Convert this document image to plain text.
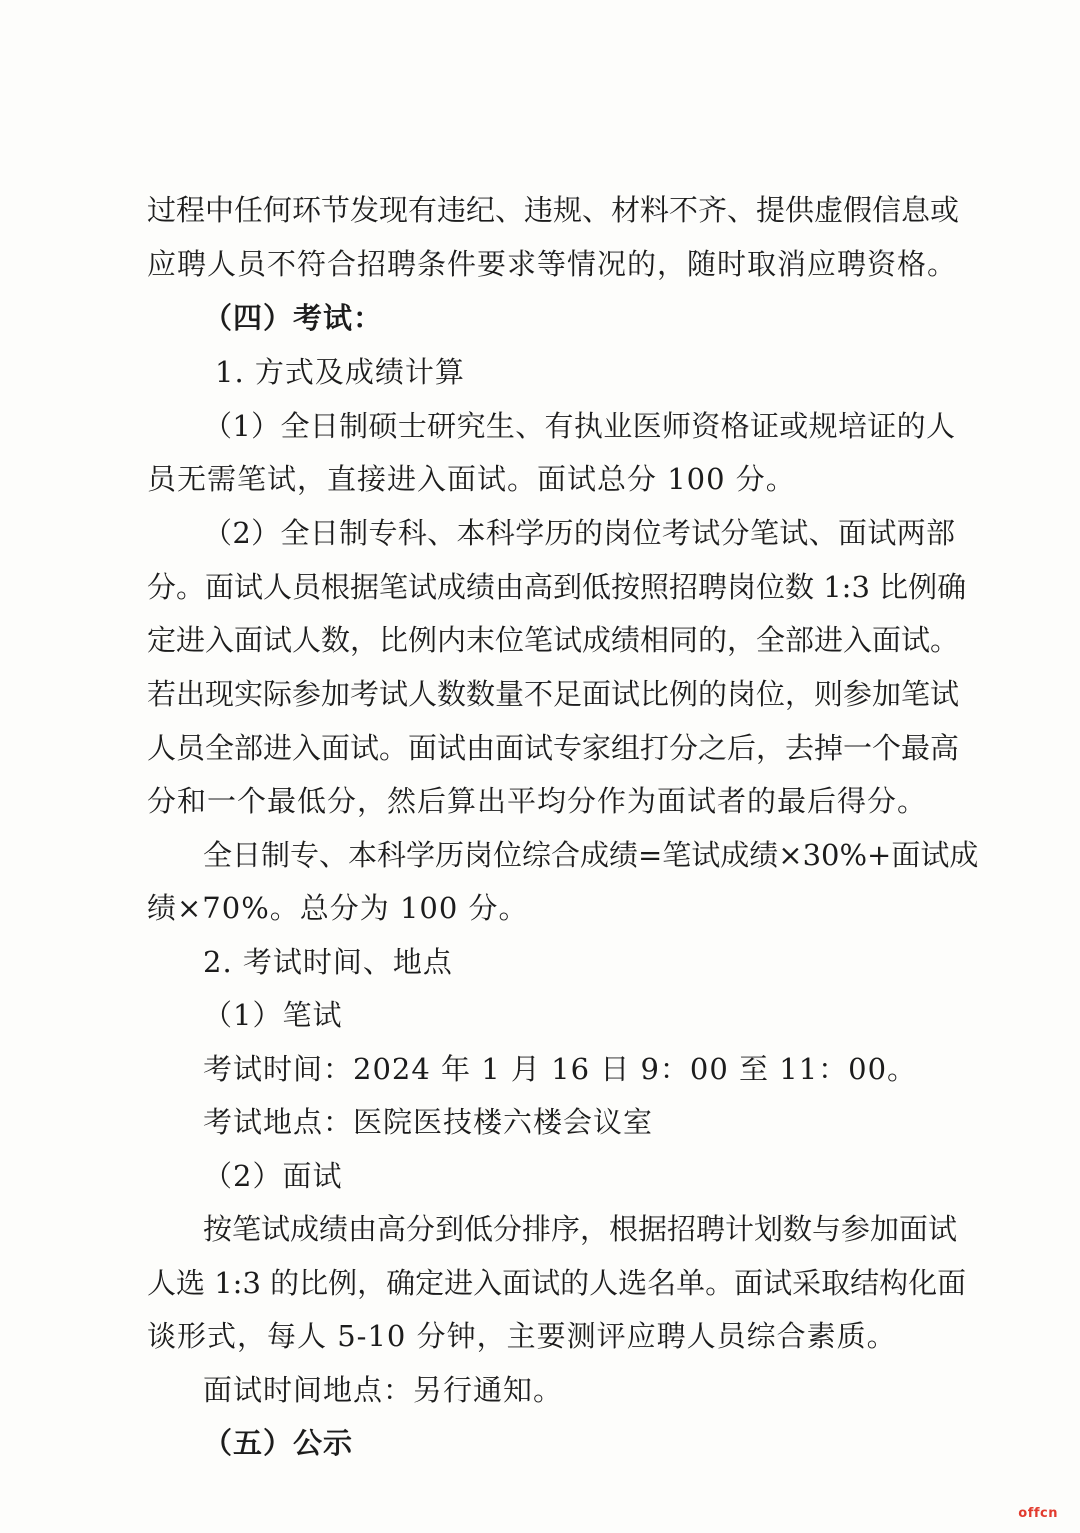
过程中任何环节发现有违纪、违规、材料不齐、提供虚假信息或
应聘人员不符合招聘条件要求等情况的，随时取消应聘资格。
（四）考试：
1. 方式及成绩计算
（1）全日制硕士研究生、有执业医师资格证或规培证的人
员无需笔试，直接进入面试。面试总分 100 分。
（2）全日制专科、本科学历的岗位考试分笔试、面试两部
分。面试人员根据笔试成绩由高到低按照招聘岗位数 1:3 比例确
定进入面试人数，比例内末位笔试成绩相同的，全部进入面试。
若出现实际参加考试人数数量不足面试比例的岗位，则参加笔试
人员全部进入面试。面试由面试专家组打分之后，去掉一个最高
分和一个最低分，然后算出平均分作为面试者的最后得分。
全日制专、本科学历岗位综合成绩=笔试成绩×30%+面试成
绩×70%。总分为 100 分。
2. 考试时间、地点
（1）笔试
考试时间：2024 年 1 月 16 日 9：00 至 11：00。
考试地点：医院医技楼六楼会议室
（2）面试
按笔试成绩由高分到低分排序，根据招聘计划数与参加面试
人选 1:3 的比例，确定进入面试的人选名单。面试采取结构化面
谈形式，每人 5-10 分钟，主要测评应聘人员综合素质。
面试时间地点：另行通知。
（五）公示
offcn
